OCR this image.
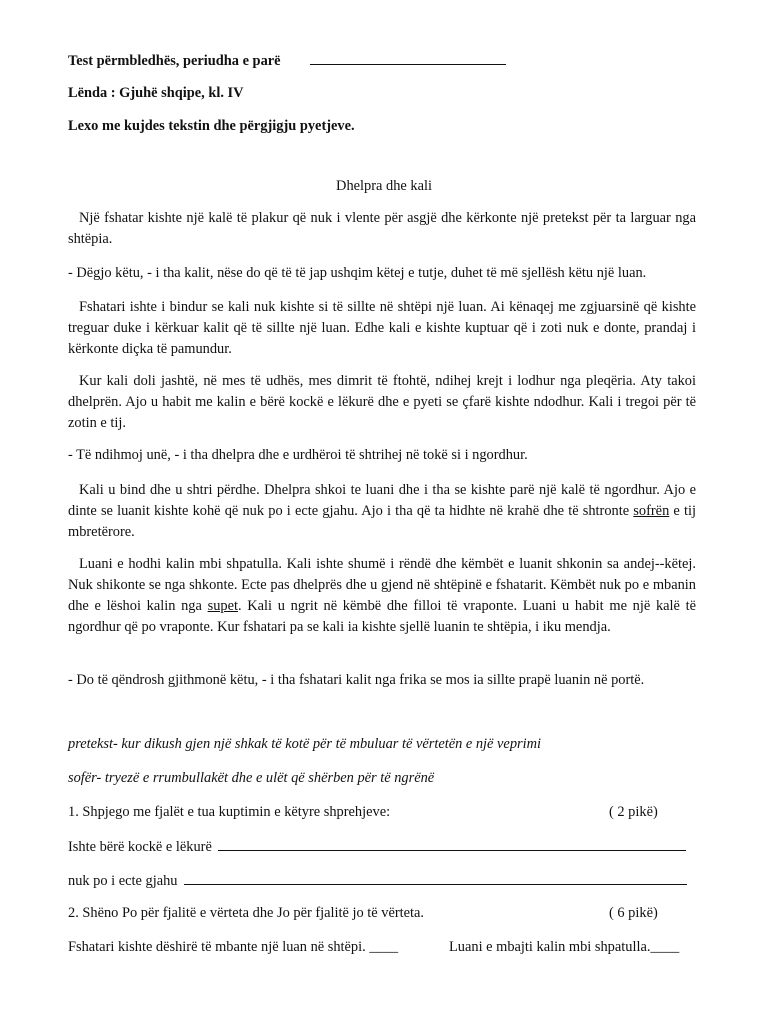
Test përmbledhës, periudha e parë
Lënda : Gjuhë shqipe, kl. IV
Lexo me kujdes tekstin dhe përgjigju pyetjeve.
Dhelpra dhe kali
Një fshatar kishte një kalë të plakur që nuk i vlente për asgjë dhe kërkonte një pretekst për ta larguar nga shtëpia.
- Dëgjo këtu, - i tha kalit, nëse do që të të jap ushqim këtej e tutje, duhet të më sjellësh këtu një luan.
Fshatari ishte i bindur se kali nuk kishte si të sillte në shtëpi një luan. Ai kënaqej me zgjuarsinë që kishte treguar duke i kërkuar kalit që të sillte një luan. Edhe kali e kishte kuptuar që i zoti nuk e donte, prandaj i kërkonte diçka të pamundur.
Kur kali doli jashtë, në mes të udhës, mes dimrit të ftohtë, ndihej krejt i lodhur nga pleqëria. Aty takoi dhelprën. Ajo u habit me kalin e bërë kockë e lëkurë dhe e pyeti se çfarë kishte ndodhur. Kali i tregoi për të zotin e tij.
- Të ndihmoj unë, - i tha dhelpra dhe e urdhëroi të shtrihej në tokë si i ngordhur.
Kali u bind dhe u shtri përdhe. Dhelpra shkoi te luani dhe i tha se kishte parë një kalë të ngordhur. Ajo e dinte se luanit kishte kohë që nuk po i ecte gjahu. Ajo i tha që ta hidhte në krahë dhe të shtronte sofrën e tij mbretërore.
Luani e hodhi kalin mbi shpatulla. Kali ishte shumë i rëndë dhe këmbët e luanit shkonin sa andej--këtej. Nuk shikonte se nga shkonte. Ecte pas dhelprës dhe u gjend në shtëpinë e fshatarit. Këmbët nuk po e mbanin dhe e lëshoi kalin nga supet. Kali u ngrit në këmbë dhe filloi të vraponte. Luani u habit me një kalë të ngordhur që po vraponte. Kur fshatari pa se kali ia kishte sjellë luanin te shtëpia, i iku mendja.
- Do të qëndrosh gjithmonë këtu, - i tha fshatari kalit nga frika se mos ia sillte prapë luanin në portë.
pretekst- kur dikush gjen një shkak të kotë për të mbuluar të vërtetën e një veprimi
sofër- tryezë e rrumbullakët dhe e ulët që shërben për të ngrënë
1. Shpjego me fjalët e tua kuptimin e këtyre shprehjeve:	( 2 pikë)
Ishte bërë kockë e lëkurë
nuk po i ecte gjahu
2. Shëno Po për fjalitë e vërteta dhe Jo për fjalitë jo të vërteta.	( 6 pikë)
Fshatari kishte dëshirë të mbante një luan në shtëpi. ____	Luani e mbajti kalin mbi shpatulla.____
